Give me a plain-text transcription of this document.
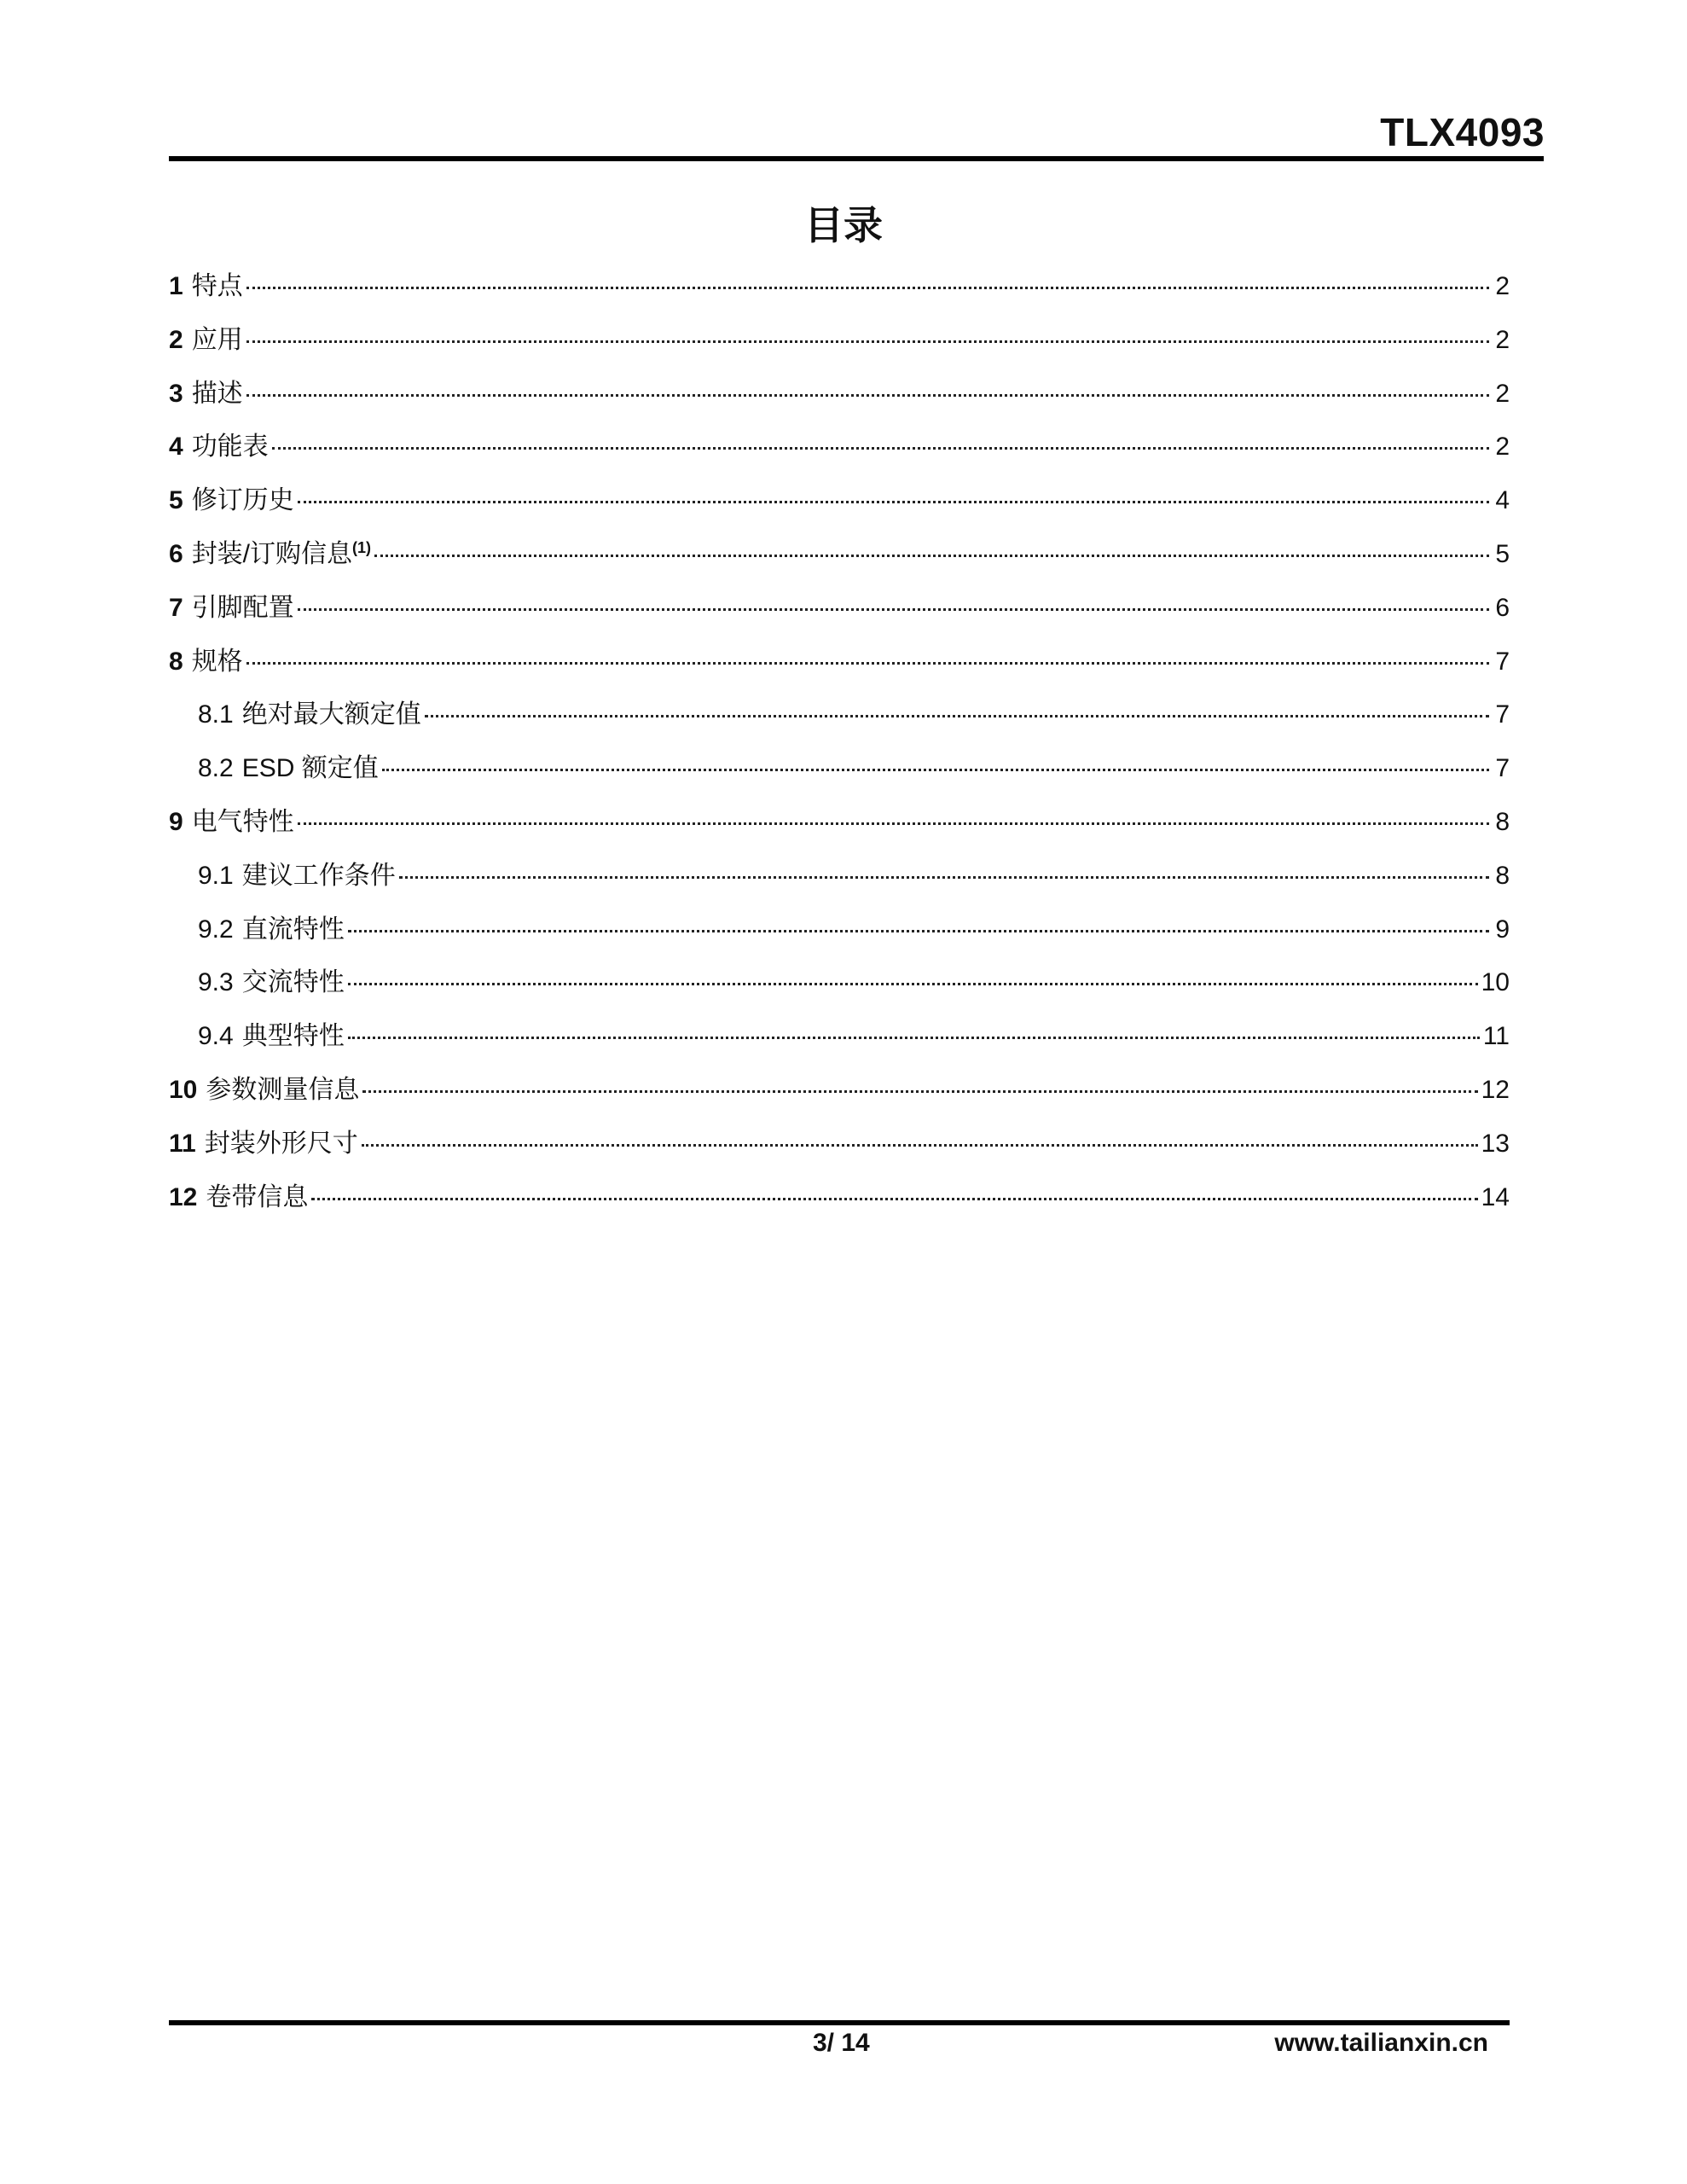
TLX4093
目录
1 特点	2
2 应用	2
3 描述	2
4 功能表	2
5 修订历史	4
6 封装/订购信息$^{(1)}$	5
7 引脚配置	6
8 规格	7
8.1 绝对最大额定值	7
8.2 ESD 额定值	7
9 电气特性	8
9.1 建议工作条件	8
9.2 直流特性	9
9.3 交流特性	10
9.4 典型特性	11
10 参数测量信息	12
11 封装外形尺寸	13
12 卷带信息	14
3/ 14	www.tailianxin.cn
